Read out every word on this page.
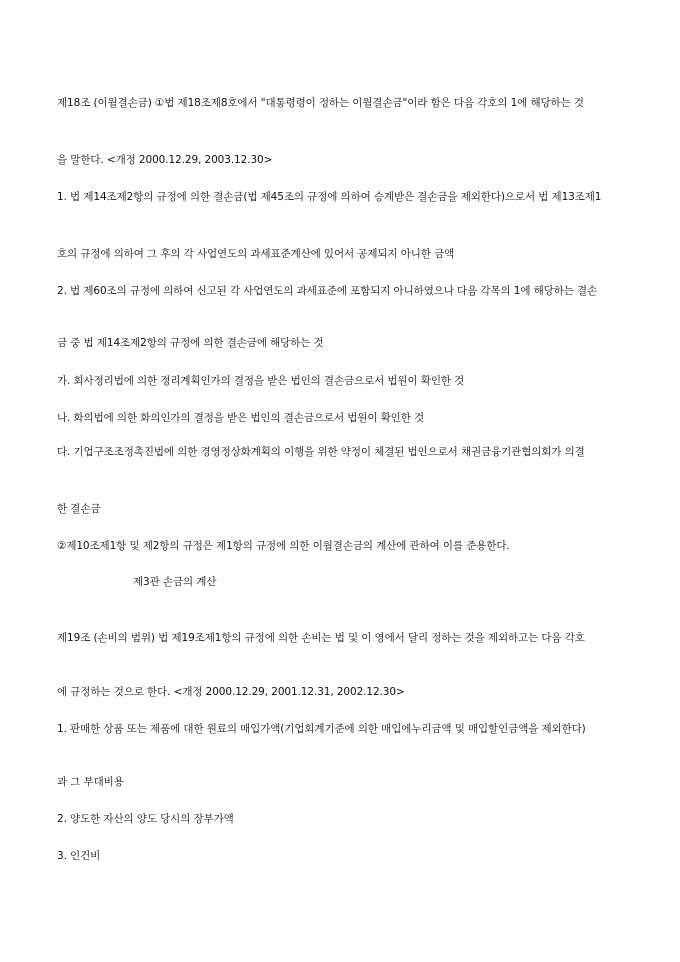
제18조 (이월결손금) ①법 제18조제8호에서 "대통령령이 정하는 이월결손금"이라 함은 다음 각호의 1에 해당하는 것
을 말한다. <개정 2000.12.29, 2003.12.30>
1. 법 제14조제2항의 규정에 의한 결손금(법 제45조의 규정에 의하여 승계받은 결손금을 제외한다)으로서 법 제13조제1
호의 규정에 의하여 그 후의 각 사업연도의 과세표준계산에 있어서 공제되지 아니한 금액
2. 법 제60조의 규정에 의하여 신고된 각 사업연도의 과세표준에 포함되지 아니하였으나 다음 각목의 1에 해당하는 결손
금 중 법 제14조제2항의 규정에 의한 결손금에 해당하는 것
가. 회사정리법에 의한 정리계획인가의 결정을 받은 법인의 결손금으로서 법원이 확인한 것
나. 화의법에 의한 화의인가의 결정을 받은 법인의 결손금으로서 법원이 확인한 것
다. 기업구조조정촉진법에 의한 경영정상화계획의 이행을 위한 약정이 체결된 법인으로서 채권금융기관협의회가 의결
한 결손금
②제10조제1항 및 제2항의 규정은 제1항의 규정에 의한 이월결손금의 계산에 관하여 이를 준용한다.
제3관 손금의 계산
제19조 (손비의 범위) 법 제19조제1항의 규정에 의한 손비는 법 및 이 영에서 달리 정하는 것을 제외하고는 다음 각호
에 규정하는 것으로 한다. <개정 2000.12.29, 2001.12.31, 2002.12.30>
1. 판매한 상품 또는 제품에 대한 원료의 매입가액(기업회계기준에 의한 매입에누리금액 및 매입할인금액을 제외한다)
과 그 부대비용
2. 양도한 자산의 양도 당시의 장부가액
3. 인건비
